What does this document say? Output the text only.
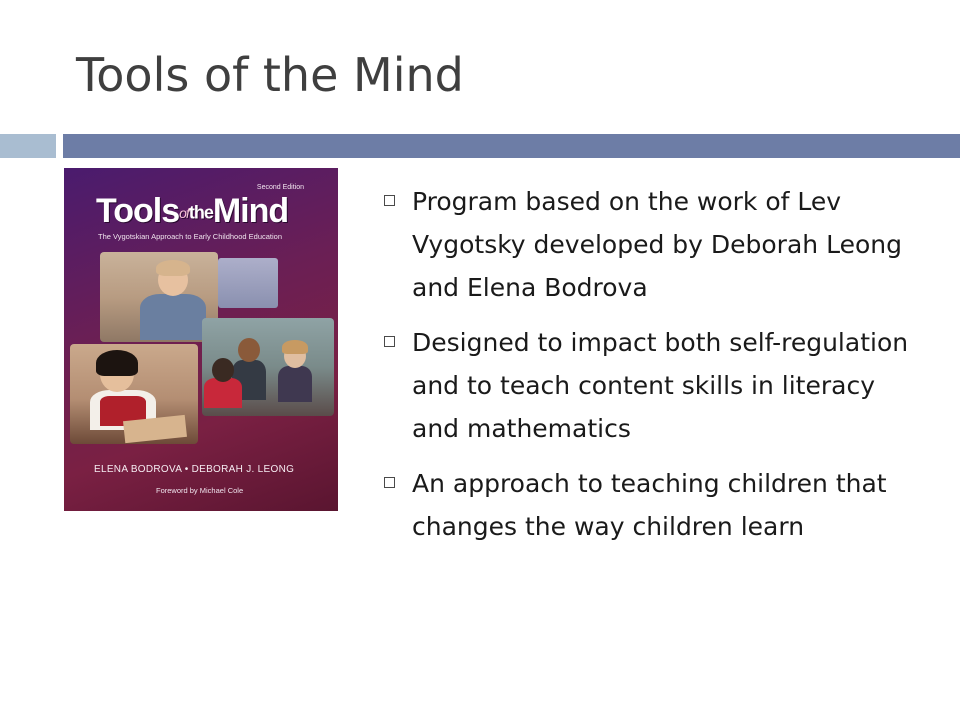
Tools of the Mind
Second Edition
ToolsoftheMind
The Vygotskian Approach to Early Childhood Education
ELENA BODROVA • DEBORAH J. LEONG
Foreword by Michael Cole
Program based on the work of Lev Vygotsky developed by Deborah Leong and Elena Bodrova
Designed to impact both self-regulation and to teach content skills in literacy and mathematics
An approach to teaching children that changes the way children learn
